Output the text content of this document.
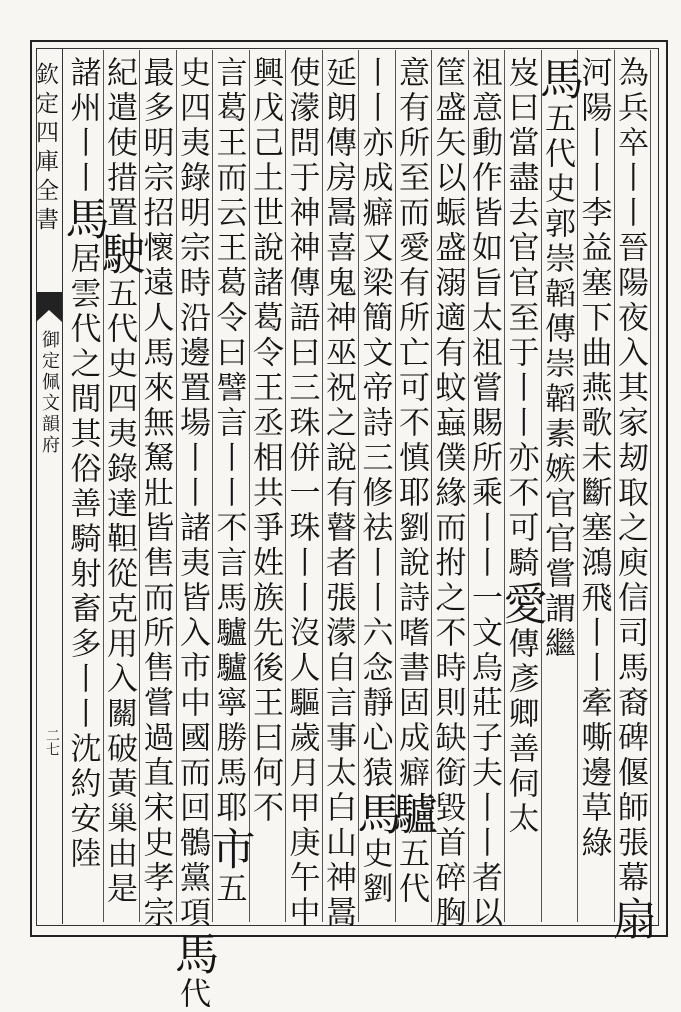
欽定四庫全書
御定佩文韻府
二七	為兵卒丨丨晉陽夜入其家刼取之庾信司馬裔碑偃師張幕扇
河陽丨丨李益塞下曲燕歌未斷塞鴻飛丨丨牽嘶邊草綠
馬五代史郭崇韜傳崇韜素嫉官官嘗謂繼
岌曰當盡去官官至于丨丨亦不可騎愛傳彥卿善伺太
祖意動作皆如旨太祖嘗賜所乘丨丨一文烏莊子夫丨丨者以
筐盛矢以蜄盛溺適有蚊蝱僕緣而拊之不時則缺銜毀首碎胸
意有所至而愛有所亡可不慎耶劉說詩嗜書固成癖驢五代
丨丨亦成癖又梁簡文帝詩三修祛丨丨六念靜心猿馬史劉
延朗傳房暠喜鬼神巫祝之說有瞽者張濛自言事太白山神暠
使濛問于神神傳語曰三珠併一珠丨丨沒人驅歲月甲庚午中
興戊己土世說諸葛令王丞相共爭姓族先後王曰何不
言葛王而云王葛令曰譬言丨丨不言馬驢驢寧勝馬耶市五
史四夷錄明宗時沿邊置場丨丨諸夷皆入市中國而回鶻黨項馬代
最多明宗招懷遠人馬來無駑壯皆售而所售嘗過直宋史孝宗
紀遣使措置駛五代史四夷錄達靼從克用入關破黃巢由是
諸州丨丨馬居雲代之間其俗善騎射畜多丨丨沈約安陸
